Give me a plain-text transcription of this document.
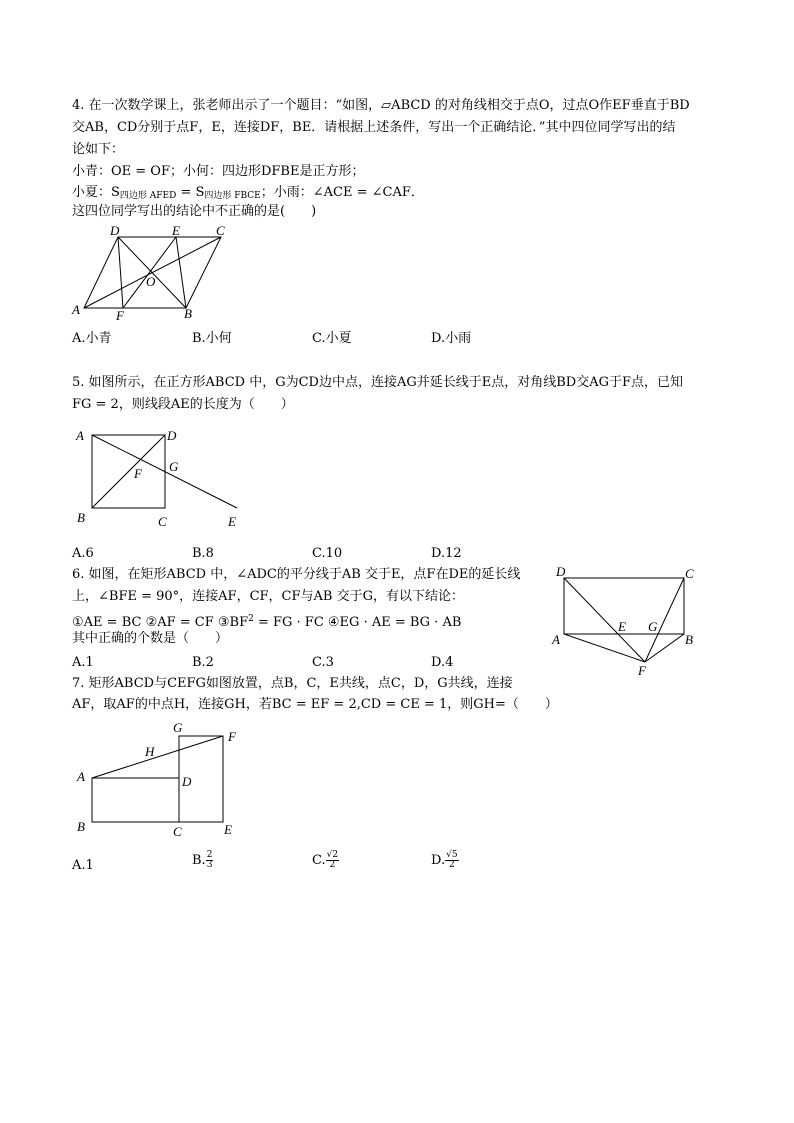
4. 在一次数学课上，张老师出示了一个题目：“如图，▱ABCD 的对角线相交于点O，过点O作EF垂直于BD
交AB，CD分别于点F，E，连接DF，BE．请根据上述条件，写出一个正确结论．”其中四位同学写出的结
论如下：
小青：OE = OF；小何：四边形DFBE是正方形；
小夏：$S_{四边形 AFED} = S_{四边形 FBCE}$；小雨：∠ACE = ∠CAF．
这四位同学写出的结论中不正确的是(　　)
D	E	C
O
A	F	B
A.小青	B.小何	C.小夏	D.小雨
5. 如图所示，在正方形ABCD 中，G为CD边中点，连接AG并延长线于E点，对角线BD交AG于F点，已知
FG = 2，则线段AE的长度为（　　）
A	D
G
F
B	C	E
A.6	B.8	C.10	D.12
6. 如图，在矩形ABCD 中，∠ADC的平分线于AB 交于E，点F在DE的延长线
上，∠BFE = 90°，连接AF，CF，CF与AB 交于G，有以下结论：
①AE = BC ②AF = CF $③BF^2$ = FG · FC ④EG · AE = BG · AB
其中正确的个数是（　　）
D	C
E G
A	B
F
A.1	B.2	C.3	D.4
7. 矩形ABCD与CEFG如图放置，点B，C，E共线，点C，D，G共线，连接
AF，取AF的中点H，连接GH，若BC = EF = 2,CD = CE = 1，则GH=（　　）
G
F
H
A	D
B	C	E
A.1	B. $\frac{2}{3}$	C. $\frac{√2}{2}$	D. $\frac{√5}{2}$
